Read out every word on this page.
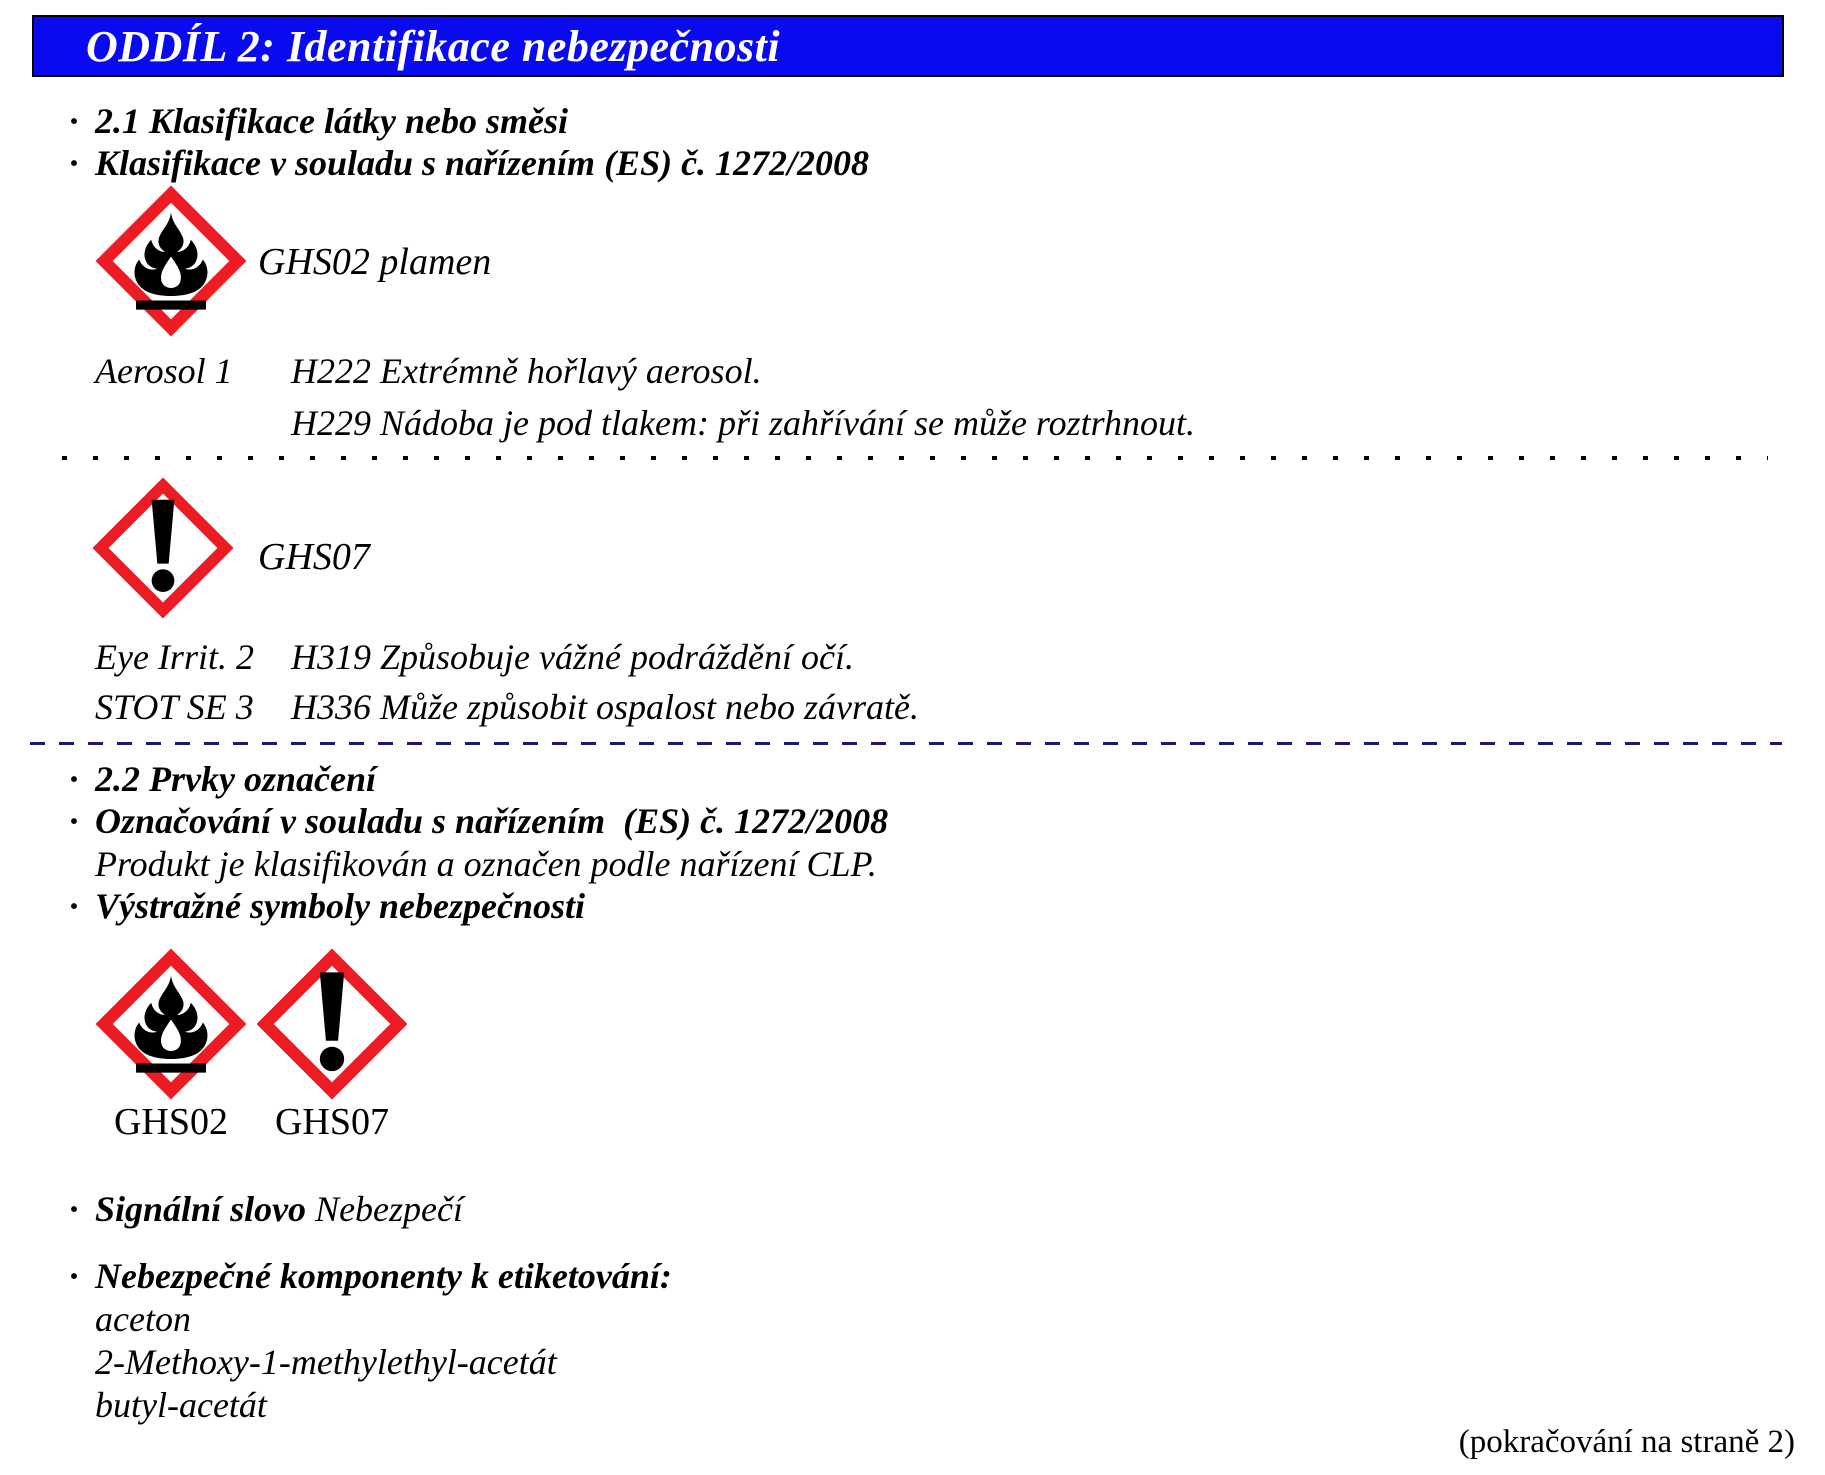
ODDÍL 2: Identifikace nebezpečnosti
· 2.1 Klasifikace látky nebo směsi
· Klasifikace v souladu s nařízením (ES) č. 1272/2008
GHS02 plamen
Aerosol 1	H222 Extrémně hořlavý aerosol.
H229 Nádoba je pod tlakem: při zahřívání se může roztrhnout.
GHS07
Eye Irrit. 2	H319 Způsobuje vážné podráždění očí.
STOT SE 3	H336 Může způsobit ospalost nebo závratě.
· 2.2 Prvky označení
· Označování v souladu s nařízením  (ES) č. 1272/2008
Produkt je klasifikován a označen podle nařízení CLP.
· Výstražné symboly nebezpečnosti
GHS02	GHS07
· Signální slovo
Nebezpečí
· Nebezpečné komponenty k etiketování:
aceton
2-Methoxy-1-methylethyl-acetát
butyl-acetát
(pokračování na straně 2)
